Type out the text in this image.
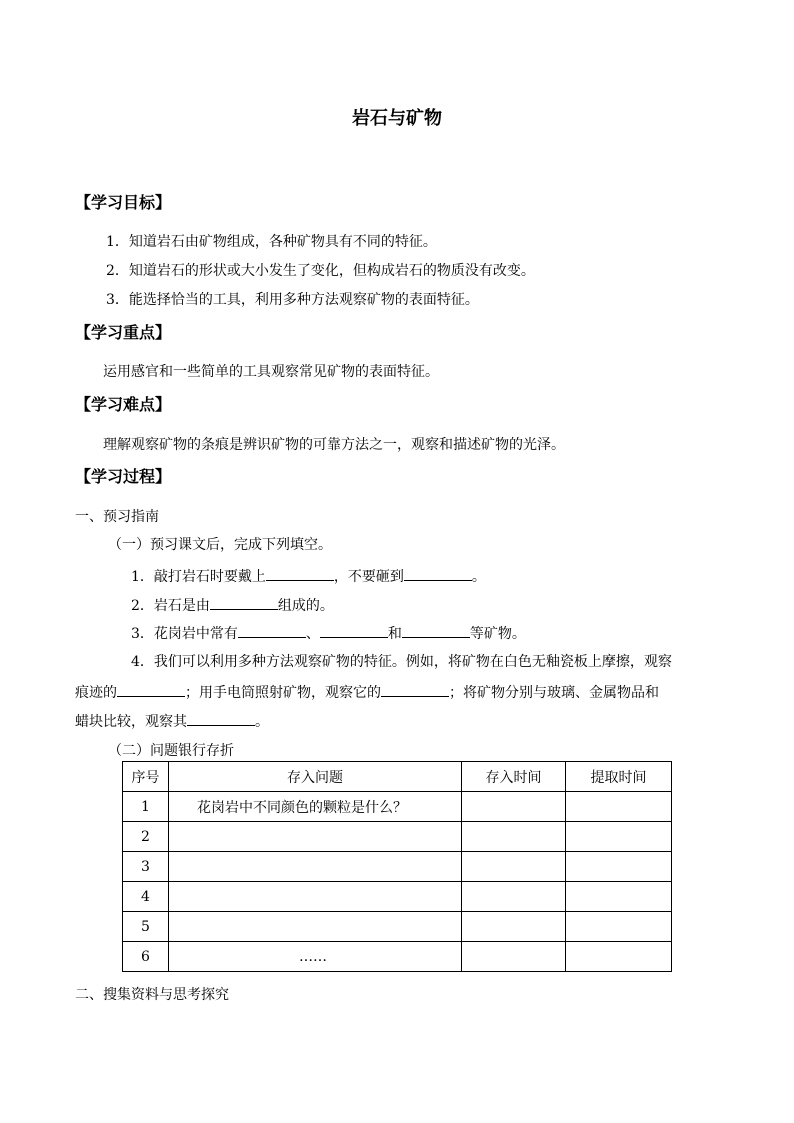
岩石与矿物
【学习目标】
1．知道岩石由矿物组成，各种矿物具有不同的特征。
2．知道岩石的形状或大小发生了变化，但构成岩石的物质没有改变。
3．能选择恰当的工具，利用多种方法观察矿物的表面特征。
【学习重点】
运用感官和一些简单的工具观察常见矿物的表面特征。
【学习难点】
理解观察矿物的条痕是辨识矿物的可靠方法之一，观察和描述矿物的光泽。
【学习过程】
一、预习指南
（一）预习课文后，完成下列填空。
1．敲打岩石时要戴上	，不要砸到	。
2．岩石是由	组成的。
3．花岗岩中常有	、	和	等矿物。
4．我们可以利用多种方法观察矿物的特征。例如，将矿物在白色无釉瓷板上摩擦，观察
痕迹的	；用手电筒照射矿物，观察它的	；将矿物分别与玻璃、金属物品和
蜡块比较，观察其	。
（二）问题银行存折
序号	存入问题	存入时间	提取时间
1	花岗岩中不同颜色的颗粒是什么？		
2			
3			
4			
5			
6	……		
二、搜集资料与思考探究
